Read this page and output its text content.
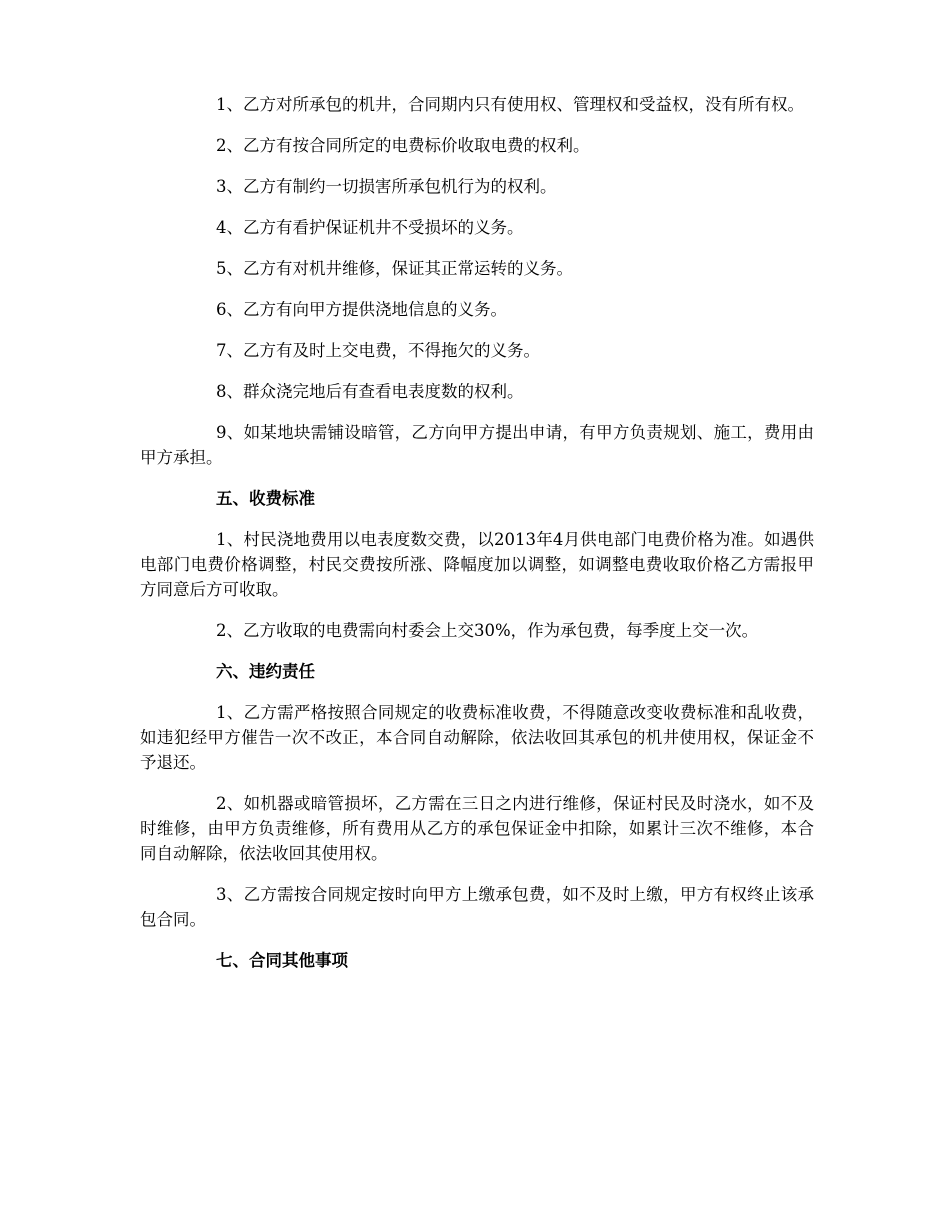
1、乙方对所承包的机井，合同期内只有使用权、管理权和受益权，没有所有权。

2、乙方有按合同所定的电费标价收取电费的权利。

3、乙方有制约一切损害所承包机行为的权利。

4、乙方有看护保证机井不受损坏的义务。

5、乙方有对机井维修，保证其正常运转的义务。

6、乙方有向甲方提供浇地信息的义务。

7、乙方有及时上交电费，不得拖欠的义务。

8、群众浇完地后有查看电表度数的权利。

9、如某地块需铺设暗管，乙方向甲方提出申请，有甲方负责规划、施工，费用由甲方承担。

五、收费标准

1、村民浇地费用以电表度数交费，以2013年4月供电部门电费价格为准。如遇供电部门电费价格调整，村民交费按所涨、降幅度加以调整，如调整电费收取价格乙方需报甲方同意后方可收取。

2、乙方收取的电费需向村委会上交30%，作为承包费，每季度上交一次。

六、违约责任

1、乙方需严格按照合同规定的收费标准收费，不得随意改变收费标准和乱收费，如违犯经甲方催告一次不改正，本合同自动解除，依法收回其承包的机井使用权，保证金不予退还。

2、如机器或暗管损坏，乙方需在三日之内进行维修，保证村民及时浇水，如不及时维修，由甲方负责维修，所有费用从乙方的承包保证金中扣除，如累计三次不维修，本合同自动解除，依法收回其使用权。

3、乙方需按合同规定按时向甲方上缴承包费，如不及时上缴，甲方有权终止该承包合同。

七、合同其他事项
